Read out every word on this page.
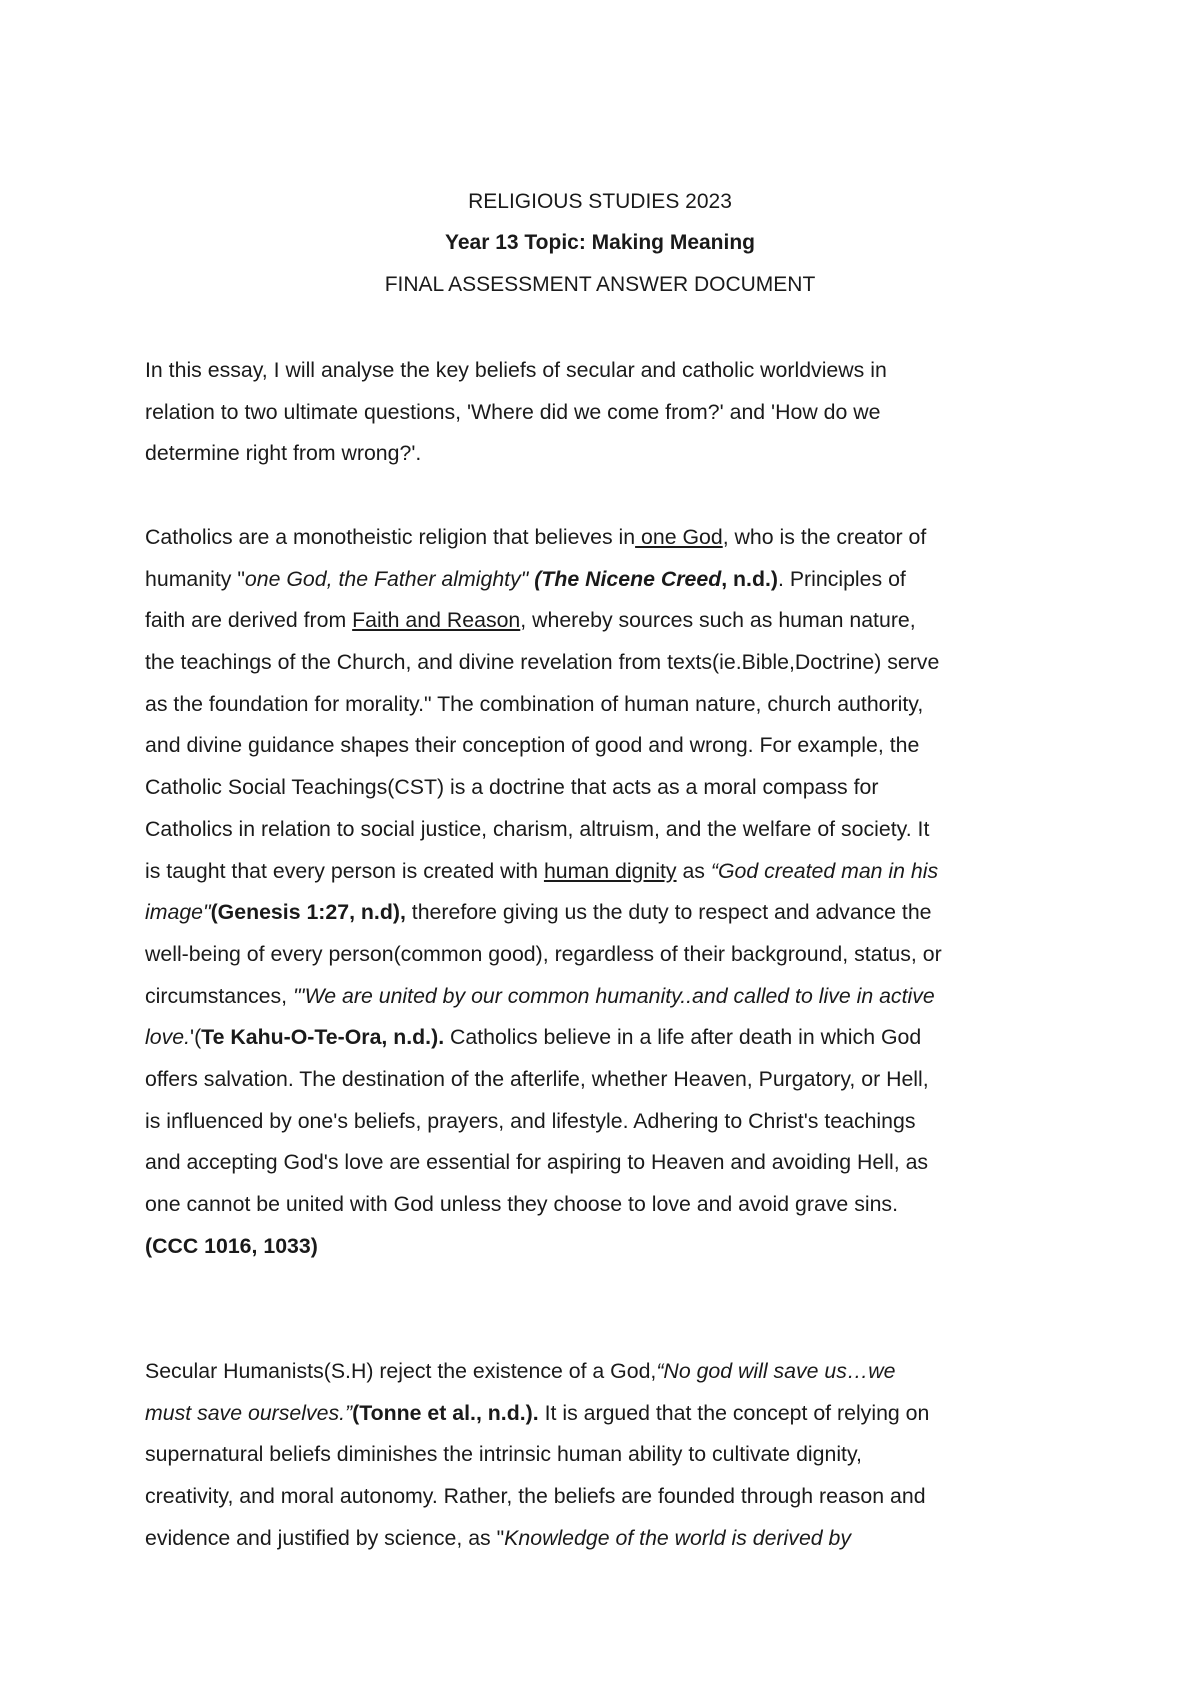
RELIGIOUS STUDIES 2023
Year 13 Topic: Making Meaning
FINAL ASSESSMENT ANSWER DOCUMENT
In this essay, I will analyse the key beliefs of secular and catholic worldviews in
relation to two ultimate questions, 'Where did we come from?' and 'How do we
determine right from wrong?'.
Catholics are a monotheistic religion that believes in one God, who is the creator of
humanity "one God, the Father almighty" (The Nicene Creed, n.d.). Principles of
faith are derived from Faith and Reason, whereby sources such as human nature,
the teachings of the Church, and divine revelation from texts(ie.Bible,Doctrine) serve
as the foundation for morality." The combination of human nature, church authority,
and divine guidance shapes their conception of good and wrong. For example, the
Catholic Social Teachings(CST) is a doctrine that acts as a moral compass for
Catholics in relation to social justice, charism, altruism, and the welfare of society. It
is taught that every person is created with human dignity as “God created man in his
image"(Genesis 1:27, n.d), therefore giving us the duty to respect and advance the
well-being of every person(common good), regardless of their background, status, or
circumstances, "'We are united by our common humanity..and called to live in active
love.'(Te Kahu-O-Te-Ora, n.d.). Catholics believe in a life after death in which God
offers salvation. The destination of the afterlife, whether Heaven, Purgatory, or Hell,
is influenced by one's beliefs, prayers, and lifestyle. Adhering to Christ's teachings
and accepting God's love are essential for aspiring to Heaven and avoiding Hell, as
one cannot be united with God unless they choose to love and avoid grave sins.
(CCC 1016, 1033)
Secular Humanists(S.H) reject the existence of a God,“No god will save us…we
must save ourselves.”(Tonne et al., n.d.). It is argued that the concept of relying on
supernatural beliefs diminishes the intrinsic human ability to cultivate dignity,
creativity, and moral autonomy. Rather, the beliefs are founded through reason and
evidence and justified by science, as "Knowledge of the world is derived by
